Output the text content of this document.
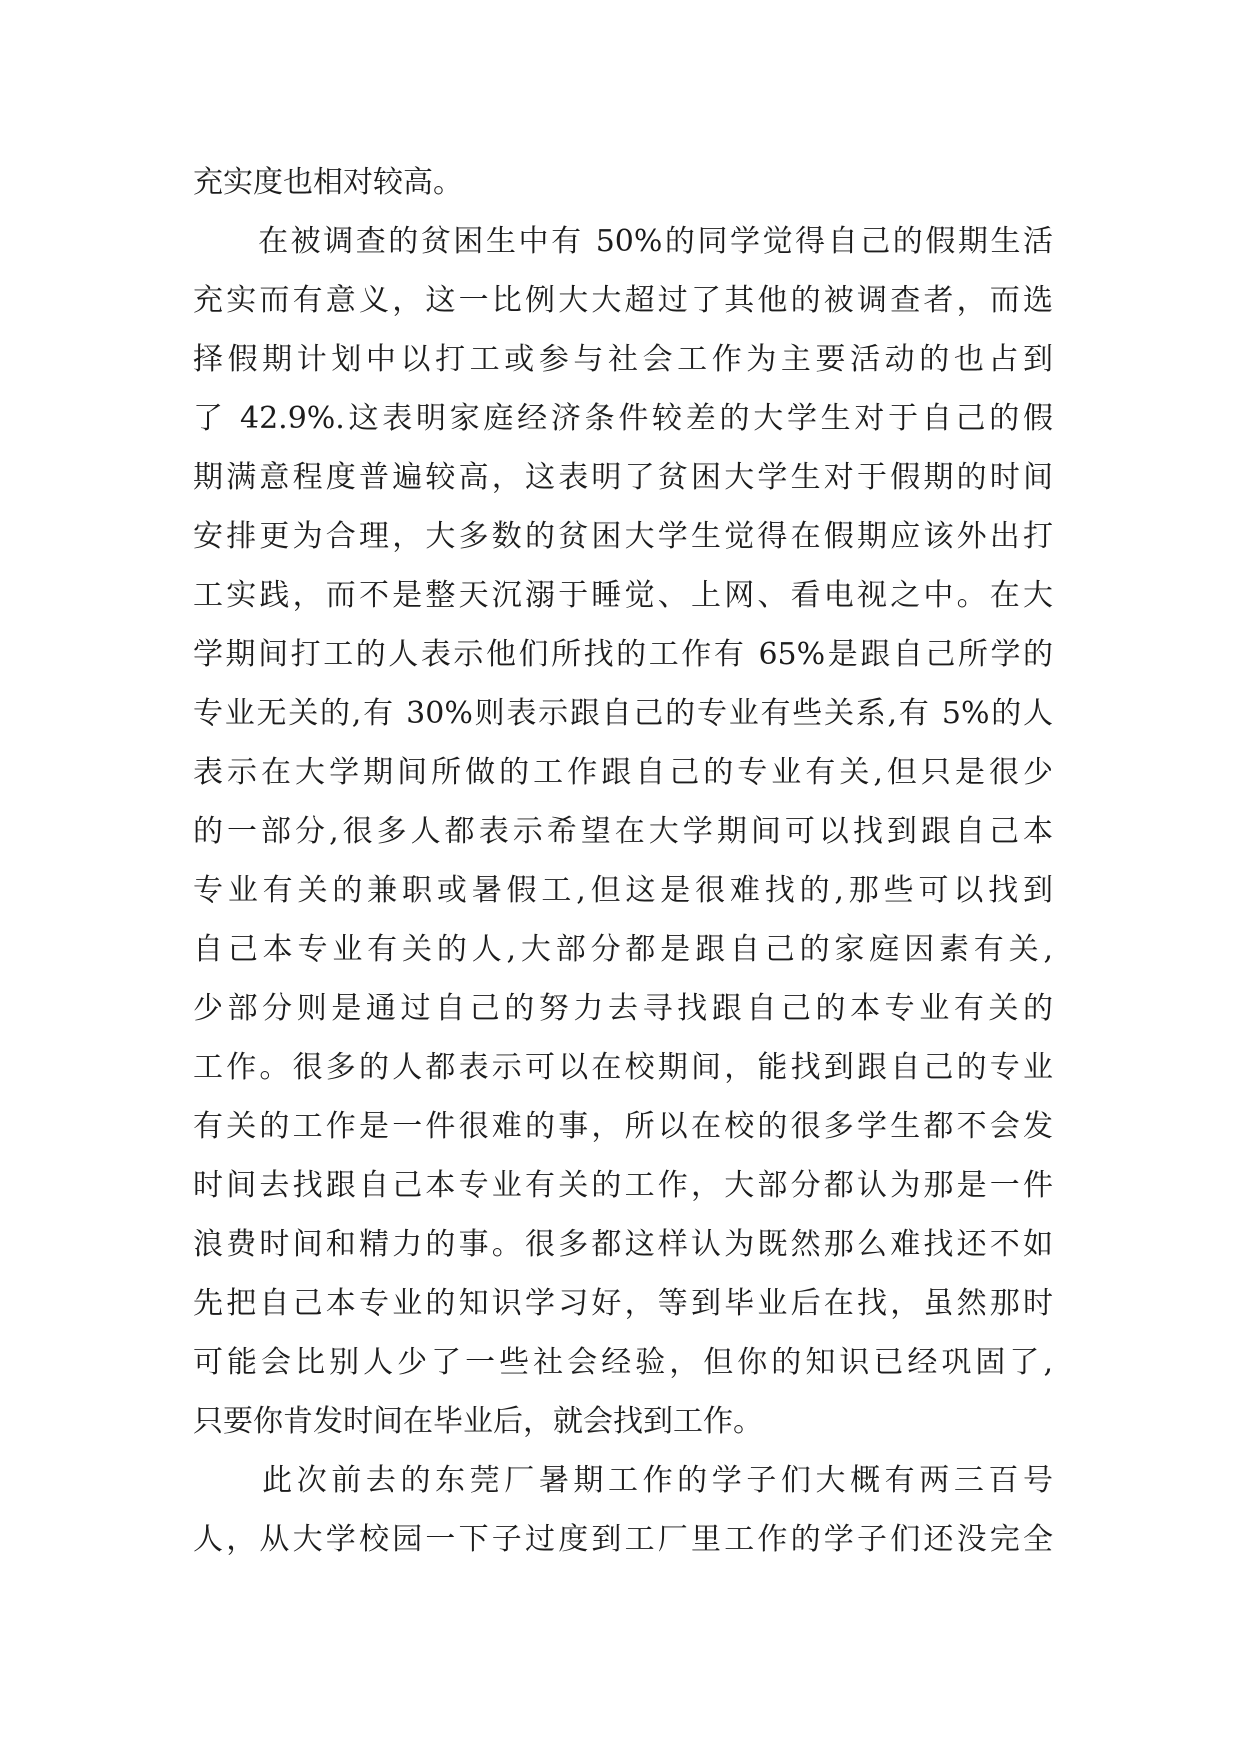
充实度也相对较高。
　　在被调查的贫困生中有 50%的同学觉得自己的假期生活
充实而有意义，这一比例大大超过了其他的被调查者，而选
择假期计划中以打工或参与社会工作为主要活动的也占到
了 42.9%.这表明家庭经济条件较差的大学生对于自己的假
期满意程度普遍较高，这表明了贫困大学生对于假期的时间
安排更为合理，大多数的贫困大学生觉得在假期应该外出打
工实践，而不是整天沉溺于睡觉、上网、看电视之中。在大
学期间打工的人表示他们所找的工作有 65%是跟自己所学的
专业无关的,有 30%则表示跟自己的专业有些关系,有 5%的人
表示在大学期间所做的工作跟自己的专业有关,但只是很少
的一部分,很多人都表示希望在大学期间可以找到跟自己本
专业有关的兼职或暑假工,但这是很难找的,那些可以找到
自己本专业有关的人,大部分都是跟自己的家庭因素有关,
少部分则是通过自己的努力去寻找跟自己的本专业有关的
工作。很多的人都表示可以在校期间，能找到跟自己的专业
有关的工作是一件很难的事，所以在校的很多学生都不会发
时间去找跟自己本专业有关的工作，大部分都认为那是一件
浪费时间和精力的事。很多都这样认为既然那么难找还不如
先把自己本专业的知识学习好，等到毕业后在找，虽然那时
可能会比别人少了一些社会经验，但你的知识已经巩固了,
只要你肯发时间在毕业后，就会找到工作。
　　此次前去的东莞厂暑期工作的学子们大概有两三百号
人，从大学校园一下子过度到工厂里工作的学子们还没完全
